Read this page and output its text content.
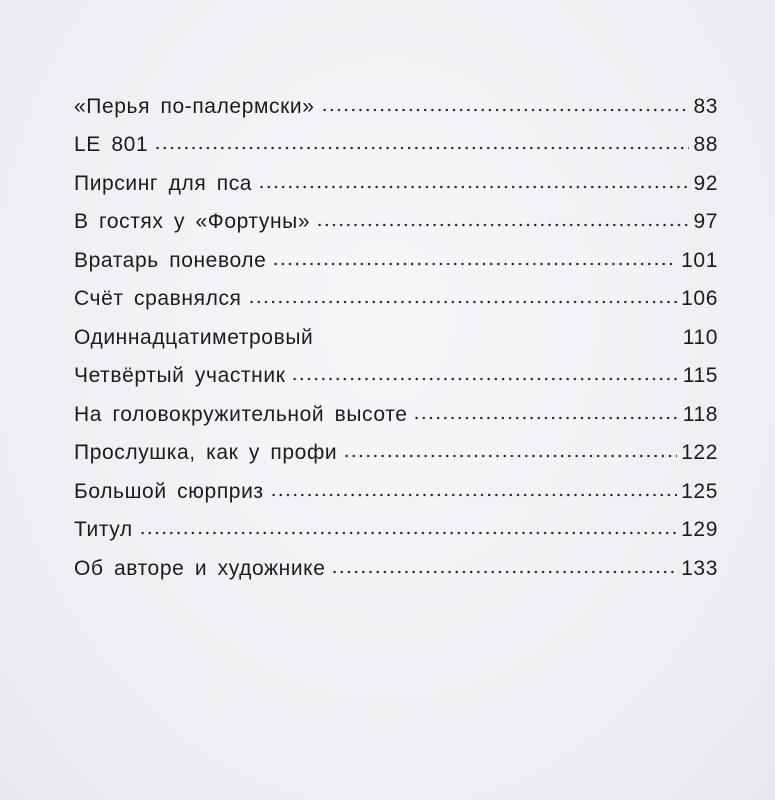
«Перья по-палермски»	83
LE 801	88
Пирсинг для пса	92
В гостях у «Фортуны»	97
Вратарь поневоле	101
Счёт сравнялся	106
Одиннадцатиметровый	110
Четвёртый участник	115
На головокружительной высоте	118
Прослушка, как у профи	122
Большой сюрприз	125
Титул	129
Об авторе и художнике	133
